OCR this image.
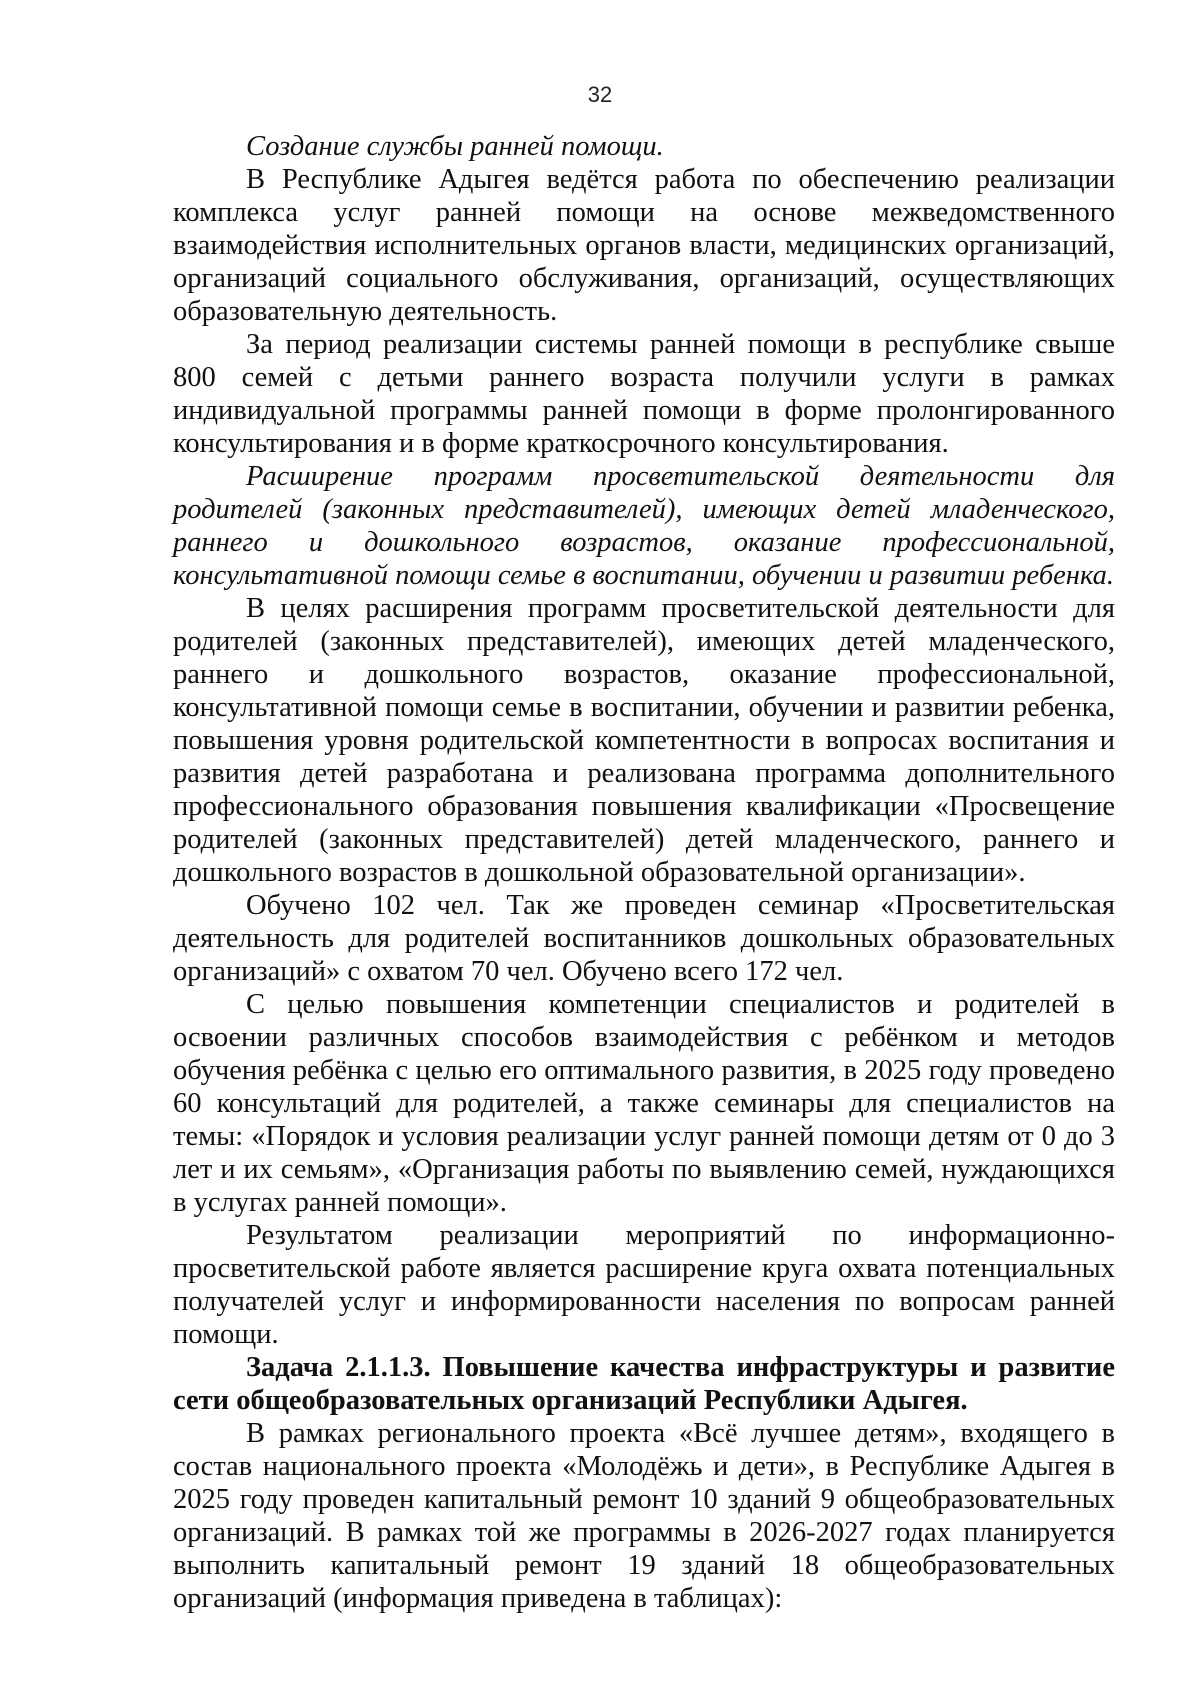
32

Создание службы ранней помощи.

В Республике Адыгея ведётся работа по обеспечению реализации комплекса услуг ранней помощи на основе межведомственного взаимодействия исполнительных органов власти, медицинских организаций, организаций социального обслуживания, организаций, осуществляющих образовательную деятельность.

За период реализации системы ранней помощи в республике свыше 800 семей с детьми раннего возраста получили услуги в рамках индивидуальной программы ранней помощи в форме пролонгированного консультирования и в форме краткосрочного консультирования.

Расширение программ просветительской деятельности для родителей (законных представителей), имеющих детей младенческого, раннего и дошкольного возрастов, оказание профессиональной, консультативной помощи семье в воспитании, обучении и развитии ребенка.

В целях расширения программ просветительской деятельности для родителей (законных представителей), имеющих детей младенческого, раннего и дошкольного возрастов, оказание профессиональной, консультативной помощи семье в воспитании, обучении и развитии ребенка, повышения уровня родительской компетентности в вопросах воспитания и развития детей разработана и реализована программа дополнительного профессионального образования повышения квалификации «Просвещение родителей (законных представителей) детей младенческого, раннего и дошкольного возрастов в дошкольной образовательной организации».

Обучено 102 чел. Так же проведен семинар «Просветительская деятельность для родителей воспитанников дошкольных образовательных организаций» с охватом 70 чел. Обучено всего 172 чел.

С целью повышения компетенции специалистов и родителей в освоении различных способов взаимодействия с ребёнком и методов обучения ребёнка с целью его оптимального развития, в 2025 году проведено 60 консультаций для родителей, а также семинары для специалистов на темы: «Порядок и условия реализации услуг ранней помощи детям от 0 до 3 лет и их семьям», «Организация работы по выявлению семей, нуждающихся в услугах ранней помощи».

Результатом реализации мероприятий по информационно-просветительской работе является расширение круга охвата потенциальных получателей услуг и информированности населения по вопросам ранней помощи.

Задача 2.1.1.3. Повышение качества инфраструктуры и развитие сети общеобразовательных организаций Республики Адыгея.

В рамках регионального проекта «Всё лучшее детям», входящего в состав национального проекта «Молодёжь и дети», в Республике Адыгея в 2025 году проведен капитальный ремонт 10 зданий 9 общеобразовательных организаций. В рамках той же программы в 2026-2027 годах планируется выполнить капитальный ремонт 19 зданий 18 общеобразовательных организаций (информация приведена в таблицах):
